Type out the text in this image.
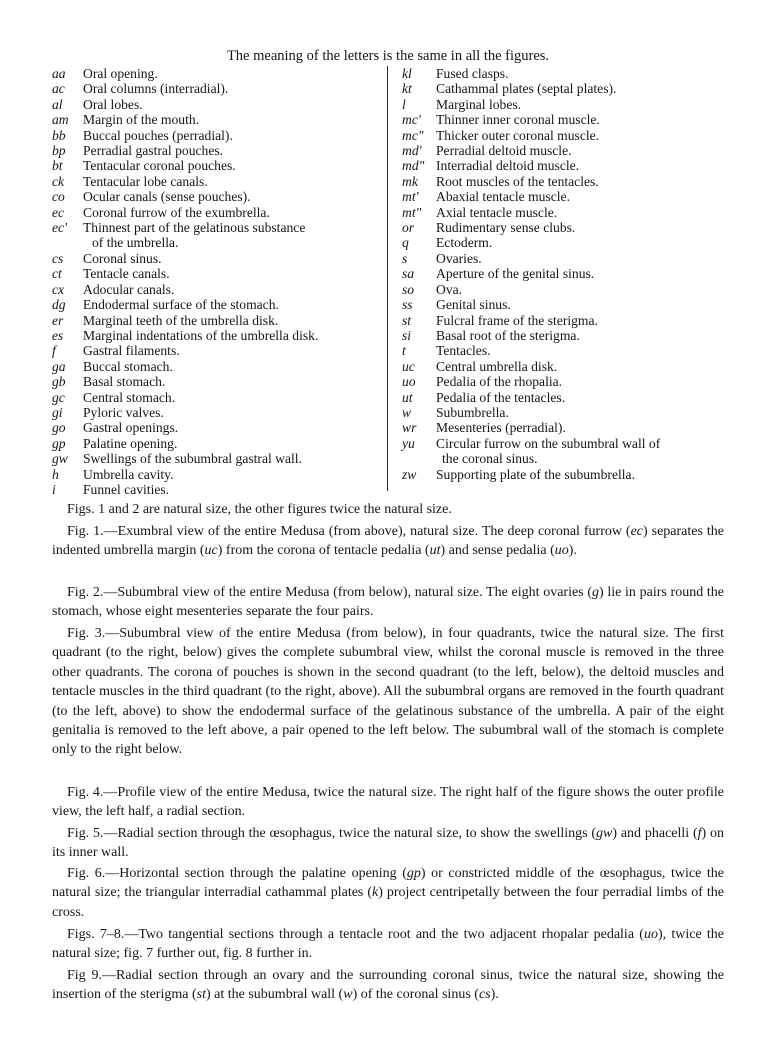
The meaning of the letters is the same in all the figures.
aa	Oral opening.
ac	Oral columns (interradial).
al	Oral lobes.
am	Margin of the mouth.
bb	Buccal pouches (perradial).
bp	Perradial gastral pouches.
bt	Tentacular coronal pouches.
ck	Tentacular lobe canals.
co	Ocular canals (sense pouches).
ec	Coronal furrow of the exumbrella.
ec'	Thinnest part of the gelatinous substance
of the umbrella.
cs	Coronal sinus.
ct	Tentacle canals.
cx	Adocular canals.
dg	Endodermal surface of the stomach.
er	Marginal teeth of the umbrella disk.
es	Marginal indentations of the umbrella disk.
f	Gastral filaments.
ga	Buccal stomach.
gb	Basal stomach.
gc	Central stomach.
gi	Pyloric valves.
go	Gastral openings.
gp	Palatine opening.
gw	Swellings of the subumbral gastral wall.
h	Umbrella cavity.
i	Funnel cavities.
kl	Fused clasps.
kt	Cathammal plates (septal plates).
l	Marginal lobes.
mc'	Thinner inner coronal muscle.
mc" Thicker outer coronal muscle.
md'	Perradial deltoid muscle.
md" Interradial deltoid muscle.
mk	Root muscles of the tentacles.
mt'	Abaxial tentacle muscle.
mt"	Axial tentacle muscle.
or	Rudimentary sense clubs.
q	Ectoderm.
s	Ovaries.
sa	Aperture of the genital sinus.
so	Ova.
ss	Genital sinus.
st	Fulcral frame of the sterigma.
si	Basal root of the sterigma.
t	Tentacles.
uc	Central umbrella disk.
uo	Pedalia of the rhopalia.
ut	Pedalia of the tentacles.
w	Subumbrella.
wr	Mesenteries (perradial).
yu	Circular furrow on the subumbral wall of
the coronal sinus.
zw	Supporting plate of the subumbrella.

Figs. 1 and 2 are natural size, the other figures twice the natural size.

Fig. 1.—Exumbral view of the entire Medusa (from above), natural size. The deep coronal furrow (ec) separates the indented umbrella margin (uc) from the corona of tentacle pedalia (ut) and sense pedalia (uo).

Fig. 2.—Subumbral view of the entire Medusa (from below), natural size. The eight ovaries (g) lie in pairs round the stomach, whose eight mesenteries separate the four pairs.

Fig. 3.—Subumbral view of the entire Medusa (from below), in four quadrants, twice the natural size. The first quadrant (to the right, below) gives the complete subumbral view, whilst the coronal muscle is removed in the three other quadrants. The corona of pouches is shown in the second quadrant (to the left, below), the deltoid muscles and tentacle muscles in the third quadrant (to the right, above). All the subumbral organs are removed in the fourth quadrant (to the left, above) to show the endodermal surface of the gelatinous substance of the umbrella. A pair of the eight genitalia is removed to the left above, a pair opened to the left below. The subumbral wall of the stomach is complete only to the right below.

Fig. 4.—Profile view of the entire Medusa, twice the natural size. The right half of the figure shows the outer profile view, the left half, a radial section.

Fig. 5.—Radial section through the œsophagus, twice the natural size, to show the swellings (gw) and phacelli (f) on its inner wall.

Fig. 6.—Horizontal section through the palatine opening (gp) or constricted middle of the œsophagus, twice the natural size; the triangular interradial cathammal plates (k) project centripetally between the four perradial limbs of the cross.

Figs. 7–8.—Two tangential sections through a tentacle root and the two adjacent rhopalar pedalia (uo), twice the natural size; fig. 7 further out, fig. 8 further in.

Fig 9.—Radial section through an ovary and the surrounding coronal sinus, twice the natural size, showing the insertion of the sterigma (st) at the subumbral wall (w) of the coronal sinus (cs).
